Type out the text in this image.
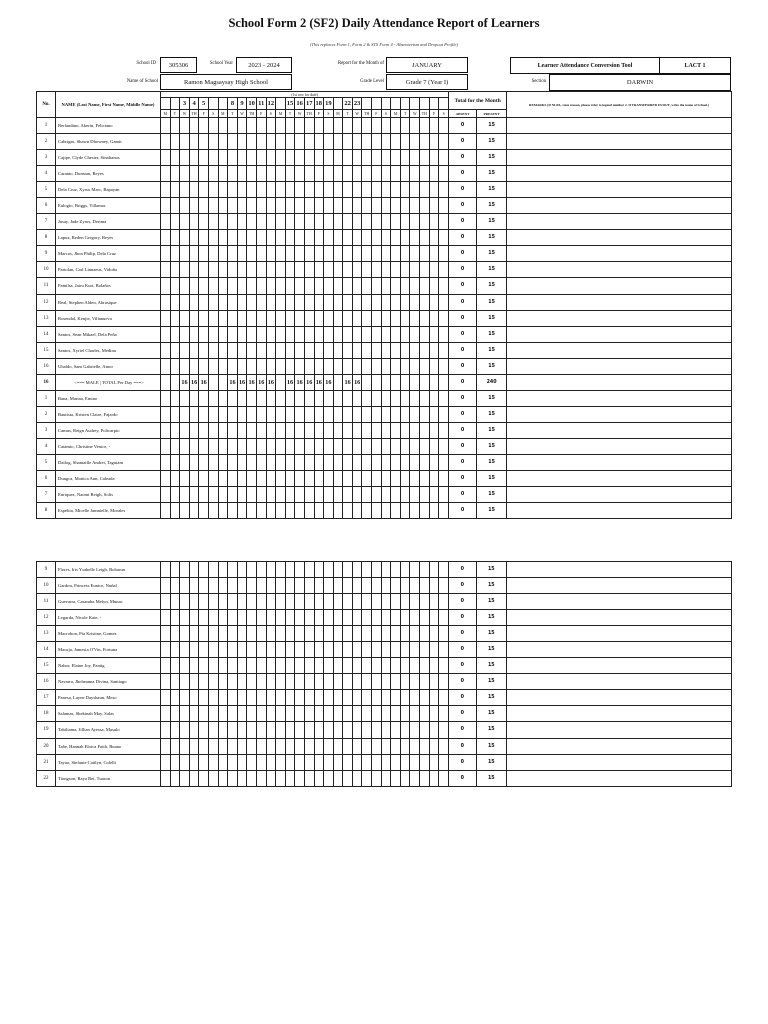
School Form 2 (SF2) Daily Attendance Report of Learners
(This replaces Form 1, Form 2 & STS Form 4 - Absenteeism and Dropout Profile)
School ID	305306	School Year	2023 - 2024	Report for the Month of	JANUARY	Learner Attendance Conversion Tool	LACT 1
Name of School	Ramon Magsaysay High School	Grade Level	Grade 7 (Year I)	Section	DARWIN
No.	NAME (Last Name, First Name, Middle Name)	(1st row for date)																														Total for the Month		REMARKS (If NLPA, state reason, please refer to legend number 2. If TRANSFERRED IN/OUT, write the name of School.)
				3	4	5			8	9	10	11	12		15	16	17	18	19		22	23												
		M	T	W	TH	F	S	M	T	W	TH	F	S	M	T	W	TH	F	S	M	T	W	TH	F	S	M	T	W	TH	F	S	ABSENT	PRESENT	
1	Berlandino, Akerin, Feliciano																															0	15	
2	Cabrigas, Shawn Dhowney, Gamit																															0	15	
3	Cajipe, Clyde Chester, Sinaltanos																															0	15	
4	Caranto, Dunstan, Reyes																															0	15	
5	Dela Cruz, Xyrus Marc, Bapayan																															0	15	
6	Eulogio, Briggs, Villamor																															0	15	
7	Jusay, Jade Zyrus, Derima																															0	15	
8	Lapuz, Reden Gregory, Reyes																															0	15	
9	Marcos, Jhon Philip, Dela Cruz																															0	15	
10	Partolan, Carl Linnaeus, Vidoña																															0	15	
11	Pamilsa, Jairu Kurt, Bolaños																															0	15	
12	Real, Stephen Alden, Abrasique																															0	15	
13	Rosendal, Kenjie, Villanueva																															0	15	
14	Santos, Sean Mikael, Dela Peña																															0	15	
15	Santos, Xyriel Charles, Medina																															0	15	
16	Ubaldo, Sam Gabrielle, Amor																															0	15	
16	<=== MALE | TOTAL Per Day ===>			16	16	16			16	16	16	16	16		16	16	16	16	16		16	16										0	240	
1	Bana, Mariaa, Emino																															0	15	
2	Bautista, Kristen Claire, Fajardo																															0	15	
3	Camus, Reign Audrey, Policarpio																															0	15	
4	Catamio, Christine Venice, -																															0	15	
5	Dailog, Shamaille Andrei, Taguiam																															0	15	
6	Dungca, Monica Ann, Caleada																															0	15	
7	Enriquez, Naomi Reigh, Solis																															0	15	
8	Espelita, Micelle Jamnielle, Morales																															0	15	
9	Flores, Iris Ysabelle Leigh, Bobarun																															0	15	
10	Gardon, Princess Eunice, Nuñal																															0	15	
11	Guevarra, Casandra Melyn, Munac																															0	15	
12	Legarda, Nicole Kate, -																															0	15	
13	Macrohon, Pia Kristine, Gomez																															0	15	
14	Macuja, Jamesia O'Vin, Fortuna																															0	15	
15	Nabor, Elaine Joy, Pantig																															0	15	
16	Navarra, Jhoheanna Divina, Santiago																															0	15	
17	Panesa, Layne Dayshaun, Meso																															0	15	
18	Salamas, Shekinah May, Salas																															0	15	
19	Tabiliama, Jillian Ayessa, Masulo																															0	15	
20	Tañe, Hannah Eloica Faith, Buano																															0	15	
21	Tayao, Stefanie Caitlyn, Colelli																															0	15	
22	Tiongson, Raya Rei, Tuason																															0	15	
